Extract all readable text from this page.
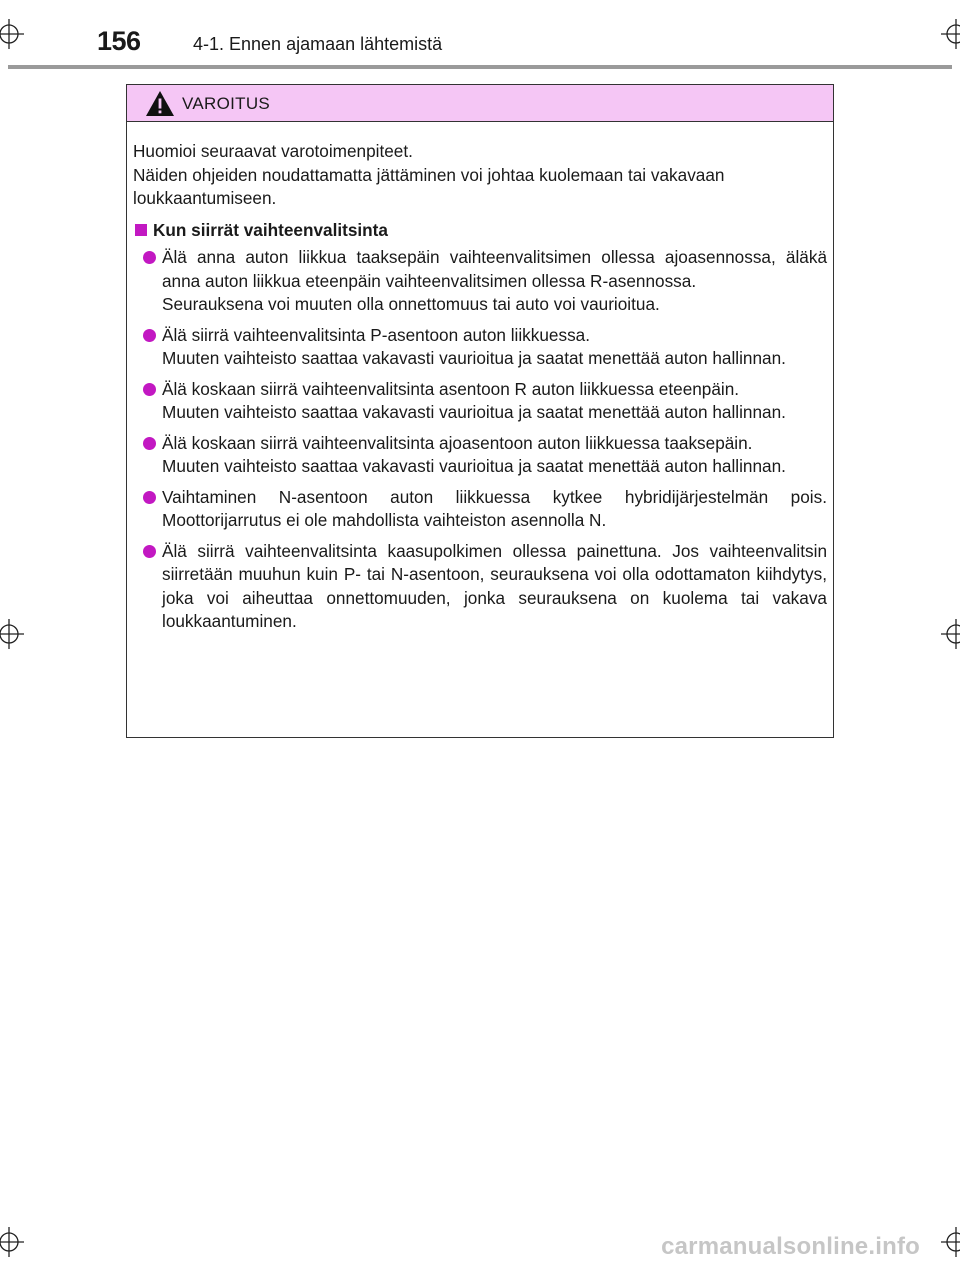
156	4-1. Ennen ajamaan lähtemistä
VAROITUS

Huomioi seuraavat varotoimenpiteet.

Näiden ohjeiden noudattamatta jättäminen voi johtaa kuolemaan tai vakavaan loukkaantumiseen.

Kun siirrät vaihteenvalitsinta

Älä anna auton liikkua taaksepäin vaihteenvalitsimen ollessa ajoasennossa, äläkä anna auton liikkua eteenpäin vaihteenvalitsimen ollessa R-asennossa.

Seurauksena voi muuten olla onnettomuus tai auto voi vaurioitua.

Älä siirrä vaihteenvalitsinta P-asentoon auton liikkuessa.

Muuten vaihteisto saattaa vakavasti vaurioitua ja saatat menettää auton hallinnan.

Älä koskaan siirrä vaihteenvalitsinta asentoon R auton liikkuessa eteenpäin.

Muuten vaihteisto saattaa vakavasti vaurioitua ja saatat menettää auton hallinnan.

Älä koskaan siirrä vaihteenvalitsinta ajoasentoon auton liikkuessa taaksepäin.

Muuten vaihteisto saattaa vakavasti vaurioitua ja saatat menettää auton hallinnan.

Vaihtaminen N-asentoon auton liikkuessa kytkee hybridijärjestelmän pois. Moottorijarrutus ei ole mahdollista vaihteiston asennolla N.

Älä siirrä vaihteenvalitsinta kaasupolkimen ollessa painettuna. Jos vaihteenvalitsin siirretään muuhun kuin P- tai N-asentoon, seurauksena voi olla odottamaton kiihdytys, joka voi aiheuttaa onnettomuuden, jonka seurauksena on kuolema tai vakava loukkaantuminen.

carmanualsonline.info
